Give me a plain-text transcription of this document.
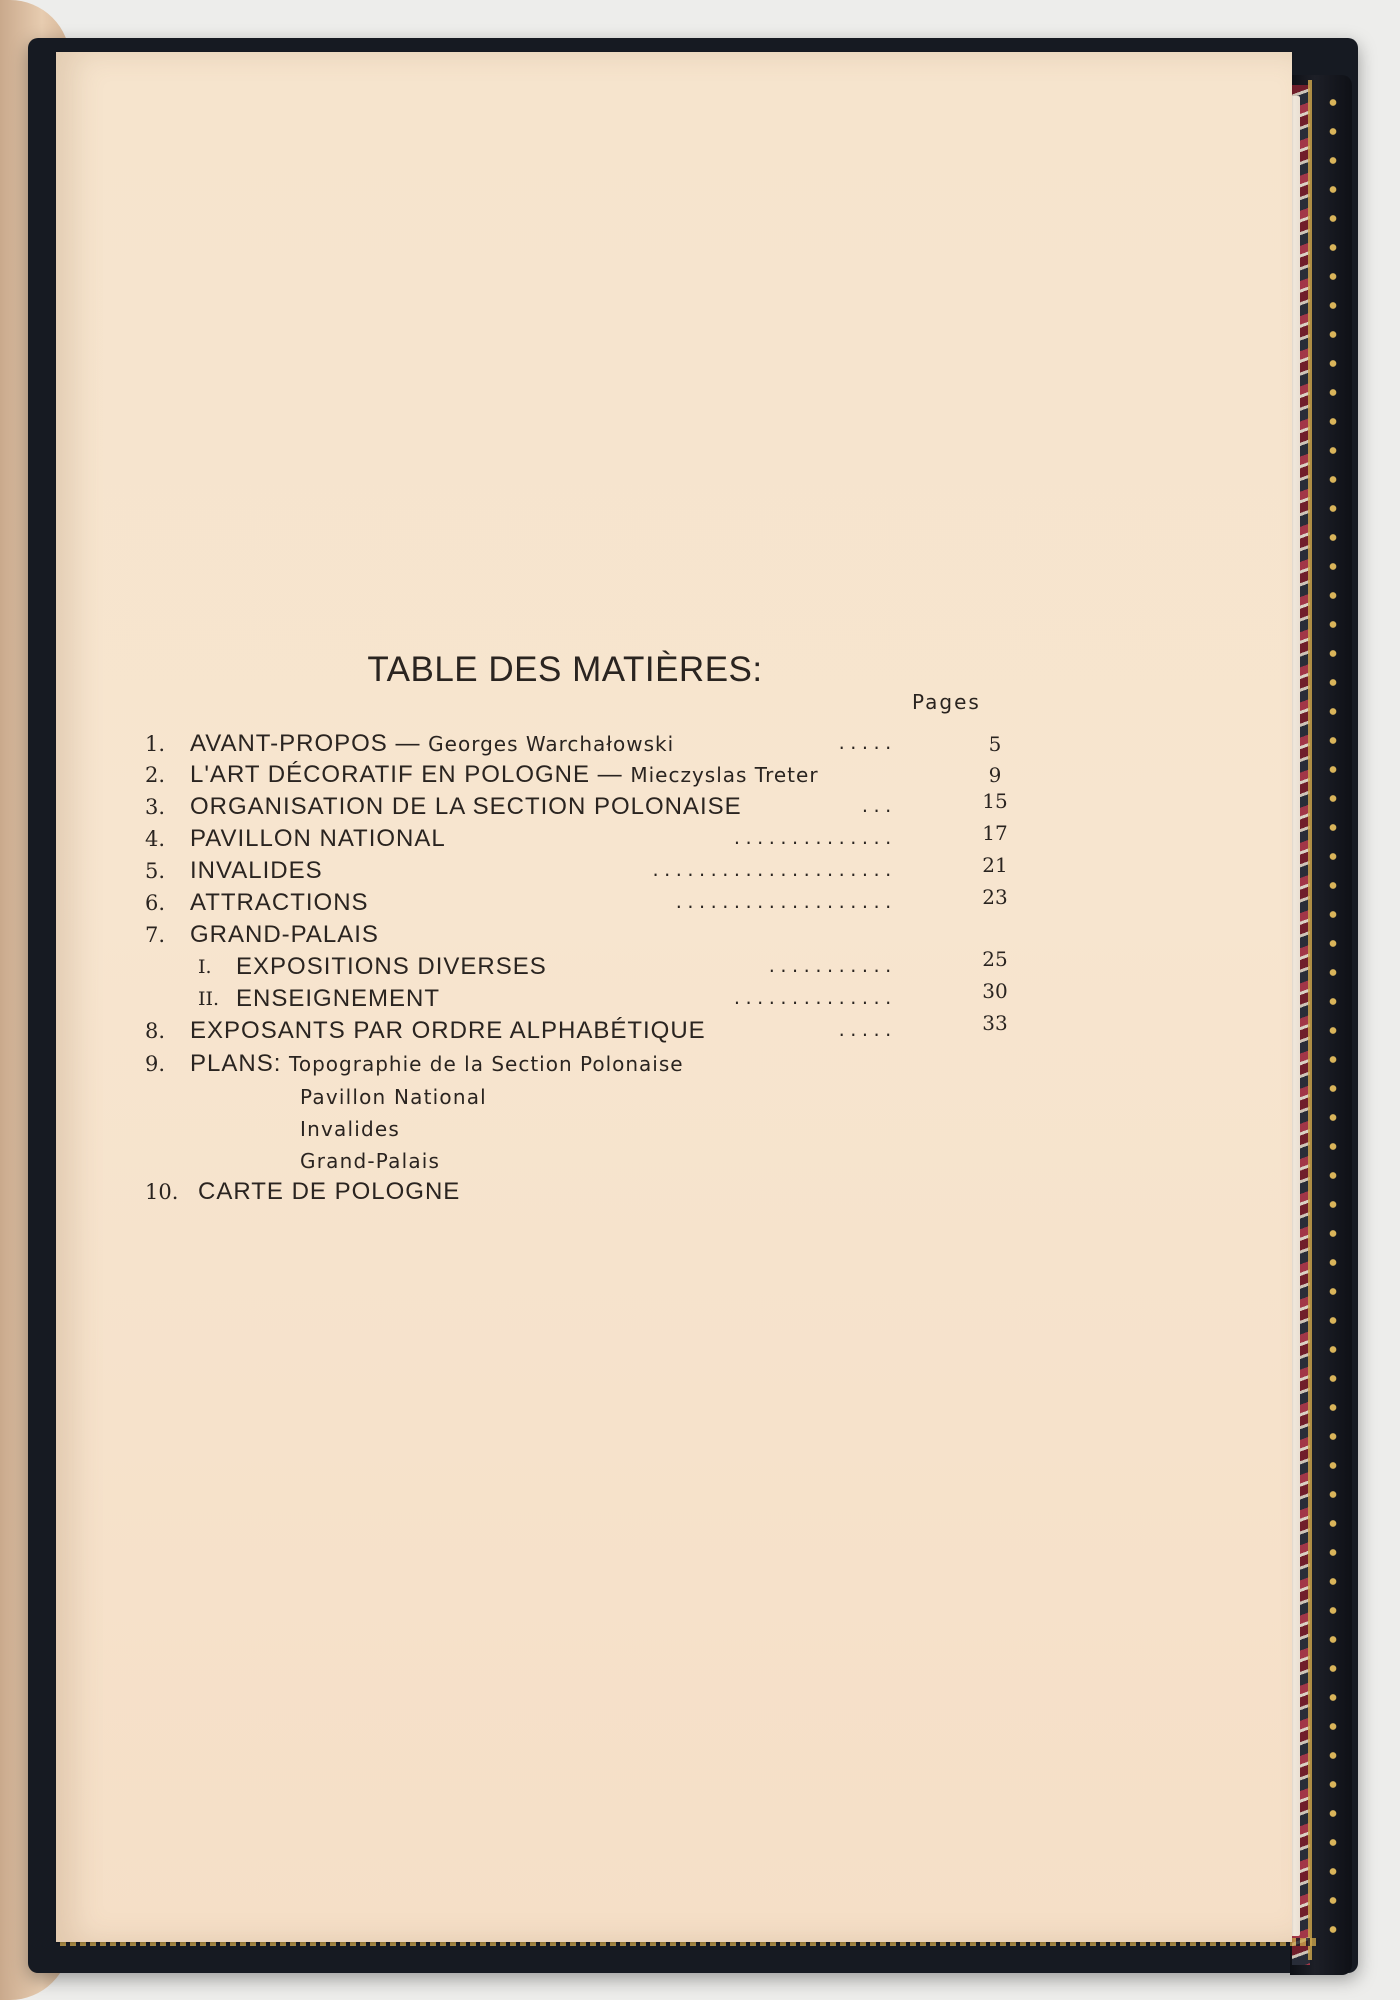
TABLE DES MATIÈRES:
Pages
1.	AVANT-PROPOS — Georges Warchałowski	.....	5
2.	L'ART DÉCORATIF EN POLOGNE — Mieczyslas Treter	9
3.	ORGANISATION DE LA SECTION POLONAISE	...	15
4.	PAVILLON NATIONAL	..............	17
5.	INVALIDES	.....................	21
6.	ATTRACTIONS	...................	23
7.	GRAND-PALAIS
I. EXPOSITIONS DIVERSES	...........	25
II. ENSEIGNEMENT	..............	30
8.	EXPOSANTS PAR ORDRE ALPHABÉTIQUE	.....	33
9.	PLANS: Topographie de la Section Polonaise
Pavillon National
Invalides
Grand-Palais
10. CARTE DE POLOGNE
